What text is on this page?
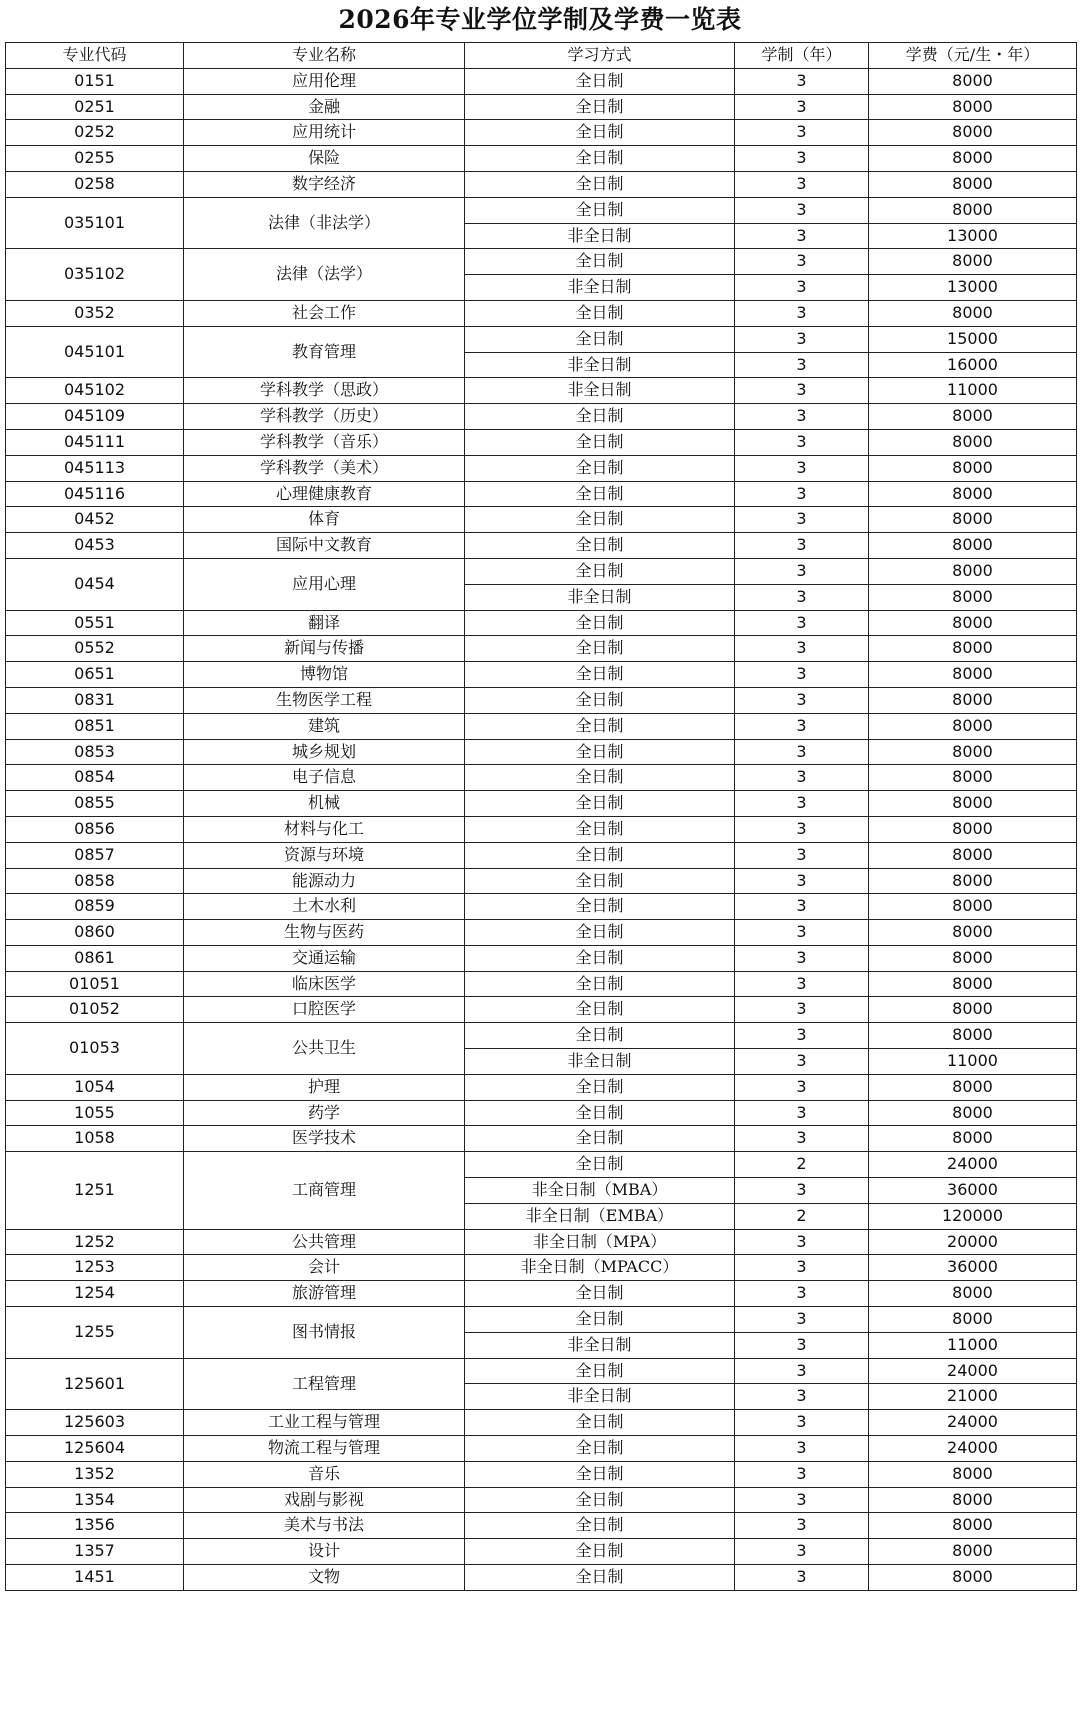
2026年专业学位学制及学费一览表
专业代码	专业名称	学习方式	学制（年）	学费（元/生・年）
0151	应用伦理	全日制	3	8000
0251	金融	全日制	3	8000
0252	应用统计	全日制	3	8000
0255	保险	全日制	3	8000
0258	数字经济	全日制	3	8000
035101	法律（非法学）	全日制	3	8000
		非全日制	3	13000
035102	法律（法学）	全日制	3	8000
		非全日制	3	13000
0352	社会工作	全日制	3	8000
045101	教育管理	全日制	3	15000
		非全日制	3	16000
045102	学科教学（思政）	非全日制	3	11000
045109	学科教学（历史）	全日制	3	8000
045111	学科教学（音乐）	全日制	3	8000
045113	学科教学（美术）	全日制	3	8000
045116	心理健康教育	全日制	3	8000
0452	体育	全日制	3	8000
0453	国际中文教育	全日制	3	8000
0454	应用心理	全日制	3	8000
		非全日制	3	8000
0551	翻译	全日制	3	8000
0552	新闻与传播	全日制	3	8000
0651	博物馆	全日制	3	8000
0831	生物医学工程	全日制	3	8000
0851	建筑	全日制	3	8000
0853	城乡规划	全日制	3	8000
0854	电子信息	全日制	3	8000
0855	机械	全日制	3	8000
0856	材料与化工	全日制	3	8000
0857	资源与环境	全日制	3	8000
0858	能源动力	全日制	3	8000
0859	土木水利	全日制	3	8000
0860	生物与医药	全日制	3	8000
0861	交通运输	全日制	3	8000
01051	临床医学	全日制	3	8000
01052	口腔医学	全日制	3	8000
01053	公共卫生	全日制	3	8000
		非全日制	3	11000
1054	护理	全日制	3	8000
1055	药学	全日制	3	8000
1058	医学技术	全日制	3	8000
1251	工商管理	全日制	2	24000
		非全日制（MBA）	3	36000
		非全日制（EMBA）	2	120000
1252	公共管理	非全日制（MPA）	3	20000
1253	会计	非全日制（MPACC）	3	36000
1254	旅游管理	全日制	3	8000
1255	图书情报	全日制	3	8000
		非全日制	3	11000
125601	工程管理	全日制	3	24000
		非全日制	3	21000
125603	工业工程与管理	全日制	3	24000
125604	物流工程与管理	全日制	3	24000
1352	音乐	全日制	3	8000
1354	戏剧与影视	全日制	3	8000
1356	美术与书法	全日制	3	8000
1357	设计	全日制	3	8000
1451	文物	全日制	3	8000
